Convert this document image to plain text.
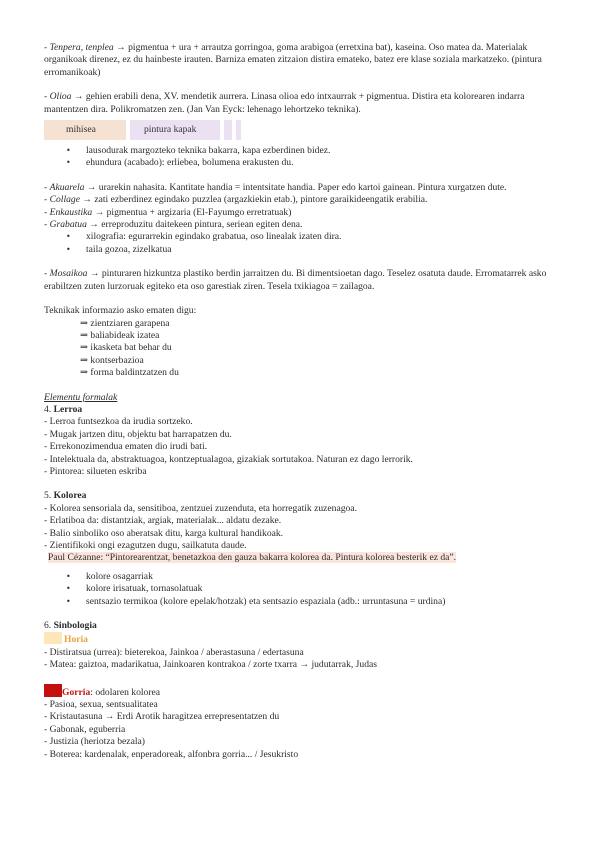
- Tenpera, tenplea → pigmentua + ura + arrautza gorringoa, goma arabigoa (erretxina bat), kaseina. Oso matea da. Materialak organikoak direnez, ez du hainbeste irauten. Barniza ematen zitzaion distira emateko, batez ere klase soziala markatzeko. (pintura erromanikoak)

- Olioa → gehien erabili dena, XV. mendetik aurrera. Linasa olioa edo intxaurrak + pigmentua. Distira eta kolorearen indarra mantentzen dira. Polikromatzen zen. (Jan Van Eyck: lehenago lehortzeko teknika).

mihisea	pintura kapak
• lausodurak margozteko teknika bakarra, kapa ezberdinen bidez.
• ehundura (acabado): erliebea, bolumena erakusten du.

- Akuarela → urarekin nahasita. Kantitate handia = intentsitate handia. Paper edo kartoi gainean. Pintura xurgatzen dute.

- Collage → zati ezberdinez egindako puzzlea (argazkiekin etab.), pintore garaikideengatik erabilia.

- Enkaustika → pigmentua + argizaria (El-Fayumgo erretratuak)

- Grabatua → erreproduzitu daitekeen pintura, seriean egiten dena.

• xilografia: egurarrekin egindako grabatua, oso linealak izaten dira.
• taila gozoa, zizelkatua

- Mosaikoa → pinturaren hizkuntza plastiko berdin jarraitzen du. Bi dimentsioetan dago. Teselez osatuta daude. Erromatarrek asko erabiltzen zuten lurzoruak egiteko eta oso garestiak ziren. Tesela txikiagoa = zailagoa.

Teknikak informazio asko ematen digu:

⇒ zientziaren garapena

⇒ baliabideak izatea

⇒ ikasketa bat behar du

⇒ kontserbazioa

⇒ forma baldintzatzen du

Elementu formalak

4. Lerroa

- Lerroa funtsezkoa da irudia sortzeko.

- Mugak jartzen ditu, objektu bat harrapatzen du.

- Errekonozimendua ematen dio irudi bati.

- Intelektuala da, abstraktuagoa, kontzeptualagoa, gizakiak sortutakoa. Naturan ez dago lerrorik.

- Pintorea: silueten eskriba

5. Kolorea

- Kolorea sensoriala da, sensitiboa, zentzuei zuzenduta, eta horregatik zuzenagoa.

- Erlatiboa da: distantziak, argiak, materialak... aldatu dezake.

- Balio sinboliko oso aberatsak ditu, karga kultural handikoak.

- Zientifikoki ongi ezagutzen dugu, sailkatuta daude.

Paul Cézanne: “Pintorearentzat, benetazkoa den gauza bakarra kolorea da. Pintura kolorea besterik ez da”.

• kolore osagarriak
• kolore irisatuak, tornasolatuak
• sentsazio termikoa (kolore epelak/hotzak) eta sentsazio espaziala (adb.: urruntasuna = urdina)

6. Sinbologia

Horia

- Distiratsua (urrea): bieterekoa, Jainkoa / aberastasuna / edertasuna

- Matea: gaiztoa, madarikatua, Jainkoaren kontrakoa / zorte txarra → judutarrak, Judas

Gorria: odolaren kolorea

- Pasioa, sexua, sentsualitatea

- Kristautasuna → Erdi Arotik haragitzea errepresentatzen du

- Gabonak, eguberria

- Justizia (heriotza bezala)

- Boterea: kardenalak, enperadoreak, alfonbra gorria... / Jesukristo
